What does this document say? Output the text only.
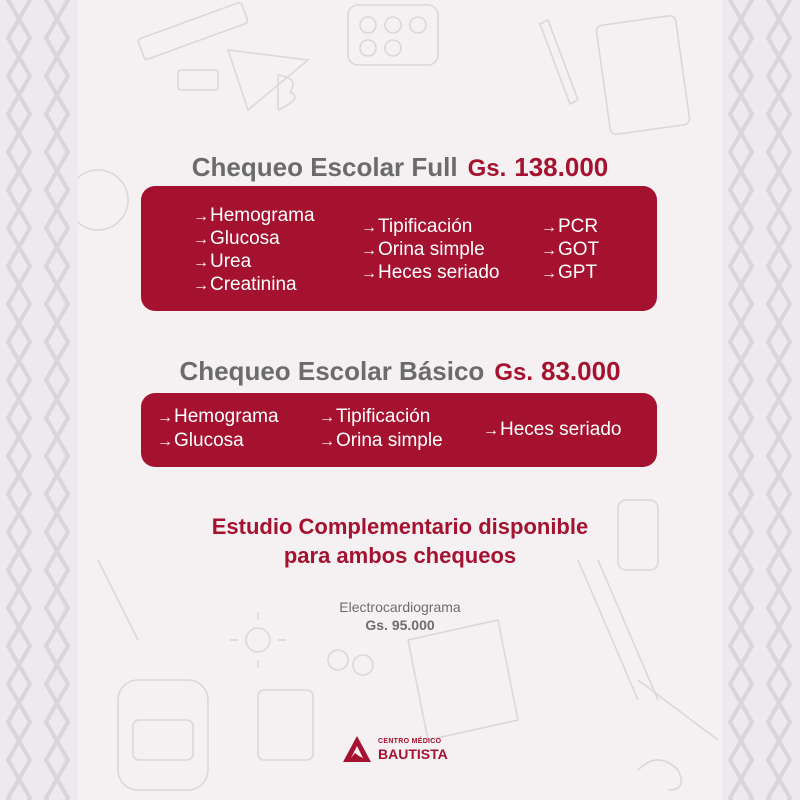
Chequeo Escolar Full Gs. 138.000
→Hemograma
→Glucosa
→Urea
→Creatinina
→Tipificación
→Orina simple
→Heces seriado
→PCR
→GOT
→GPT
Chequeo Escolar Básico Gs. 83.000
→Hemograma
→Glucosa
→Tipificación
→Orina simple	→Heces seriado
Estudio Complementario disponible
para ambos chequeos
Electrocardiograma
Gs. 95.000
CENTRO MÉDICO
BAUTISTA
